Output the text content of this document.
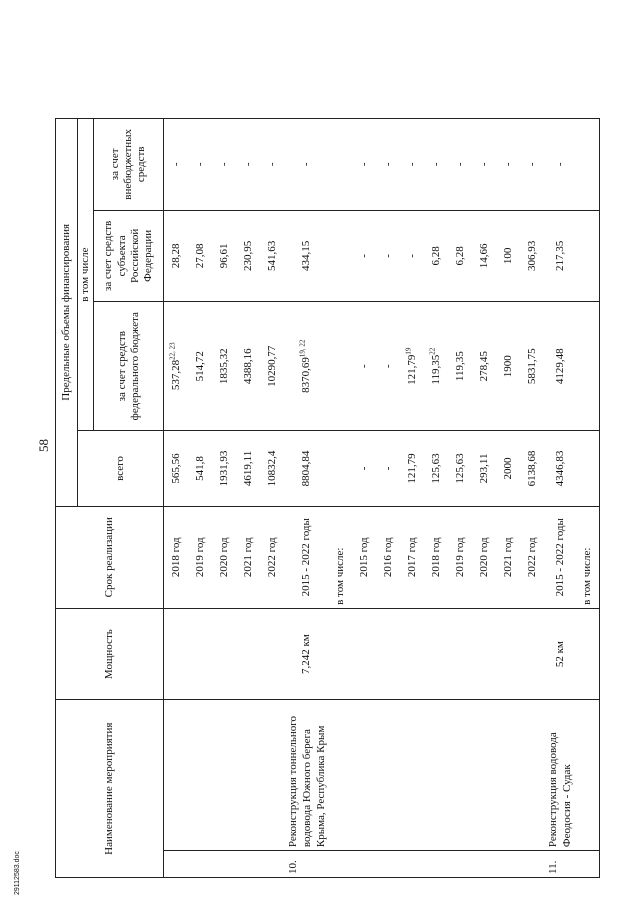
58
29112583.doc
Наименование мероприятия		Мощность	Срок реализации	Предельные объемы финансирования			
				всего	в том числе		
					за счет средств федерального бюджета	за счет средств субъекта Российской Федерации	за счет внебюджетных средств
			2018 год	565,56	537,28$^{22, 23}$	28,28	-
			2019 год	541,8	514,72	27,08	-
			2020 год	1931,93	1835,32	96,61	-
			2021 год	4619,11	4388,16	230,95	-
			2022 год	10832,4	10290,77	541,63	-
10.	Реконструкция тоннельного водовода Южного берега Крыма, Республика Крым	7,242 км	2015 - 2022 годы	8804,84	8370,69$^{19, 22}$	434,15	-
			в том числе:				
			2015 год	-	-	-	-
			2016 год	-	-	-	-
			2017 год	121,79	121,79$^{19}$	-	-
			2018 год	125,63	119,35$^{22}$	6,28	-
			2019 год	125,63	119,35	6,28	-
			2020 год	293,11	278,45	14,66	-
			2021 год	2000	1900	100	-
			2022 год	6138,68	5831,75	306,93	-
11.	Реконструкция водовода Феодосия - Судак	52 км	2015 - 2022 годы	4346,83	4129,48	217,35	-
			в том числе:				
